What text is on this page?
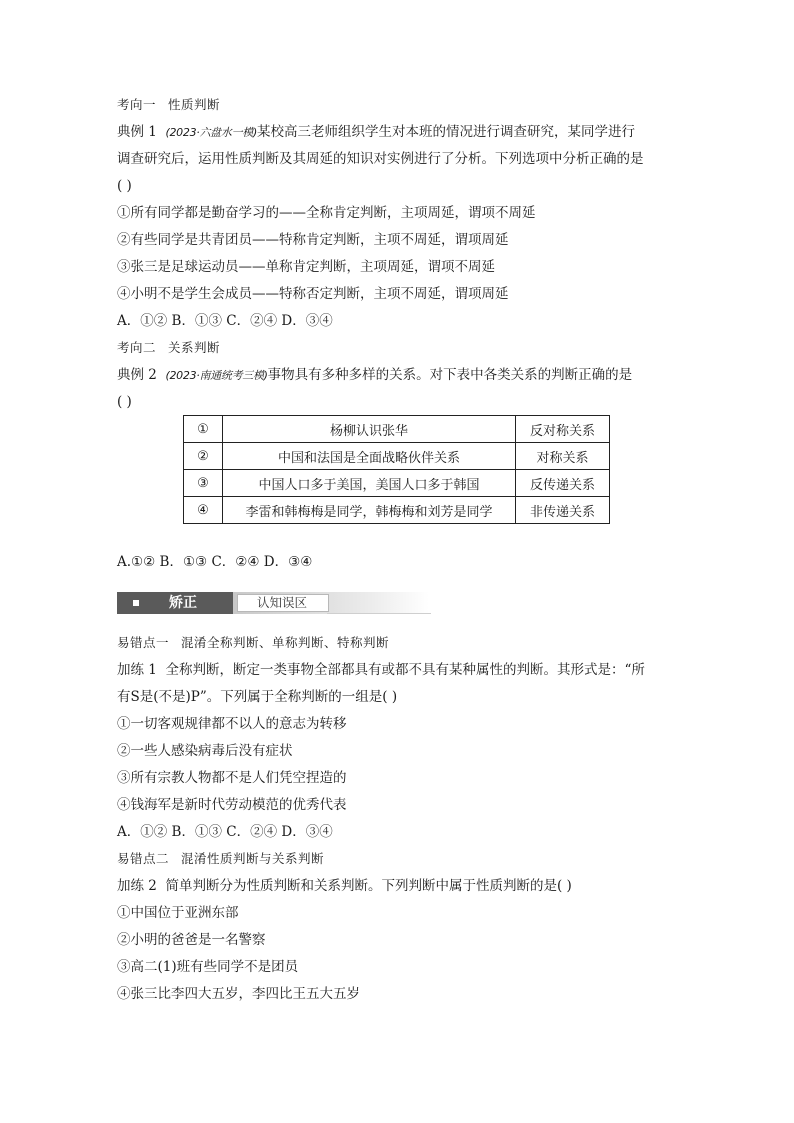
考向一 性质判断
典例 1 (2023·六盘水一模)某校高三老师组织学生对本班的情况进行调查研究，某同学进行
调查研究后，运用性质判断及其周延的知识对实例进行了分析。下列选项中分析正确的是
( )
①所有同学都是勤奋学习的——全称肯定判断，主项周延，谓项不周延
②有些同学是共青团员——特称肯定判断，主项不周延，谓项周延
③张三是足球运动员——单称肯定判断，主项周延，谓项不周延
④小明不是学生会成员——特称否定判断，主项不周延，谓项周延
A．①② B．①③ C．②④ D．③④
考向二 关系判断
典例 2 (2023·南通统考三模)事物具有多种多样的关系。对下表中各类关系的判断正确的是
( )
①	杨柳认识张华	反对称关系
②	中国和法国是全面战略伙伴关系	对称关系
③	中国人口多于美国，美国人口多于韩国	反传递关系
④	李雷和韩梅梅是同学，韩梅梅和刘芳是同学	非传递关系
A.①② B．①③ C．②④ D．③④
矫正	认知误区
易错点一 混淆全称判断、单称判断、特称判断
加练 1 全称判断，断定一类事物全部都具有或都不具有某种属性的判断。其形式是：“所
有S是(不是)P”。下列属于全称判断的一组是( )
①一切客观规律都不以人的意志为转移
②一些人感染病毒后没有症状
③所有宗教人物都不是人们凭空捏造的
④钱海军是新时代劳动模范的优秀代表
A．①② B．①③ C．②④ D．③④
易错点二 混淆性质判断与关系判断
加练 2 简单判断分为性质判断和关系判断。下列判断中属于性质判断的是( )
①中国位于亚洲东部
②小明的爸爸是一名警察
③高二(1)班有些同学不是团员
④张三比李四大五岁，李四比王五大五岁
